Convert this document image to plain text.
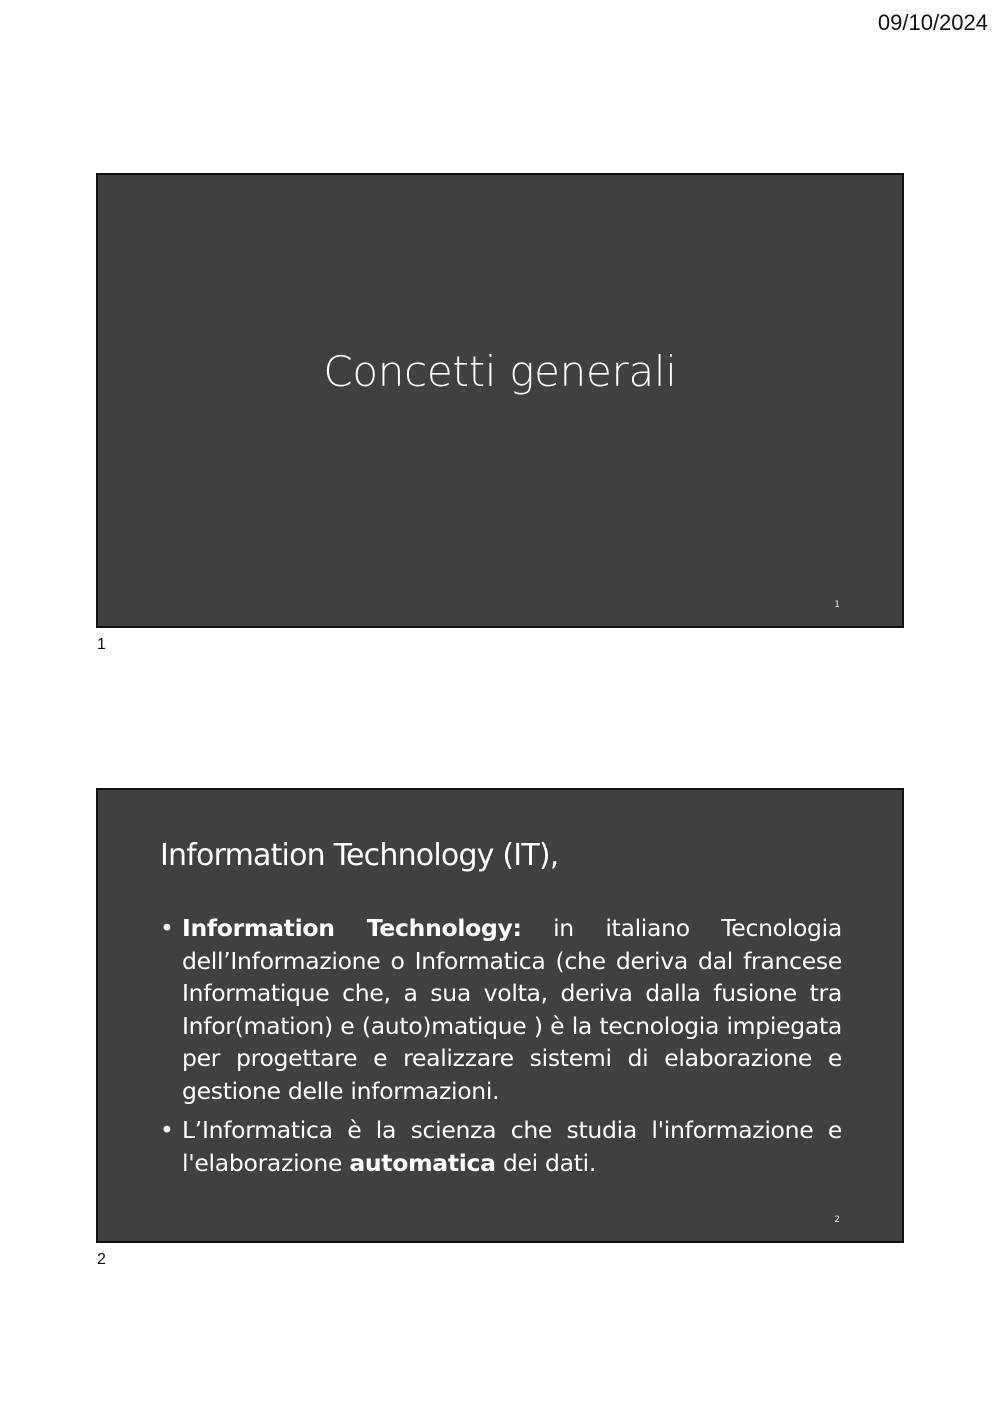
09/10/2024
Concetti generali
1
1
Information Technology (IT),
• Information Technology: in italiano Tecnologia dell’Informazione o Informatica (che deriva dal francese Informatique che, a sua volta, deriva dalla fusione tra Infor(mation) e (auto)matique ) è la tecnologia impiegata per progettare e realizzare sistemi di elaborazione e gestione delle informazioni.
• L’Informatica è la scienza che studia l'informazione e l'elaborazione automatica dei dati.
2
2
